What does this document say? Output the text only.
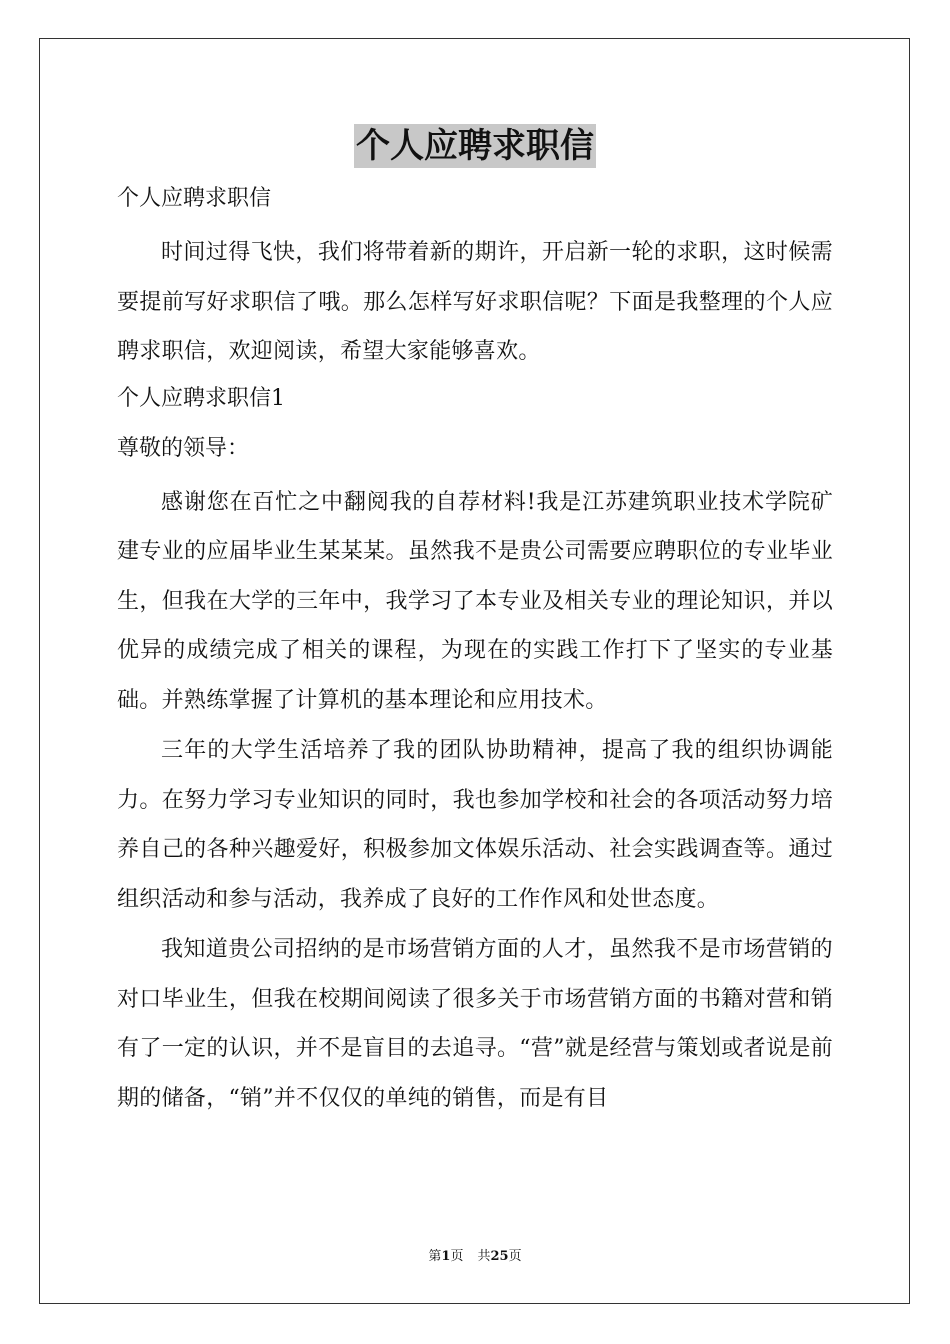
个人应聘求职信
个人应聘求职信

时间过得飞快，我们将带着新的期许，开启新一轮的求职，这时候需要提前写好求职信了哦。那么怎样写好求职信呢？下面是我整理的个人应聘求职信，欢迎阅读，希望大家能够喜欢。

个人应聘求职信1
尊敬的领导：

感谢您在百忙之中翻阅我的自荐材料!我是江苏建筑职业技术学院矿建专业的应届毕业生某某某。虽然我不是贵公司需要应聘职位的专业毕业生，但我在大学的三年中，我学习了本专业及相关专业的理论知识，并以优异的成绩完成了相关的课程，为现在的实践工作打下了坚实的专业基础。并熟练掌握了计算机的基本理论和应用技术。

三年的大学生活培养了我的团队协助精神，提高了我的组织协调能力。在努力学习专业知识的同时，我也参加学校和社会的各项活动努力培养自己的各种兴趣爱好，积极参加文体娱乐活动、社会实践调查等。通过组织活动和参与活动，我养成了良好的工作作风和处世态度。

我知道贵公司招纳的是市场营销方面的人才，虽然我不是市场营销的对口毕业生，但我在校期间阅读了很多关于市场营销方面的书籍对营和销有了一定的认识，并不是盲目的去追寻。“营”就是经营与策划或者说是前期的储备，“销”并不仅仅的单纯的销售，而是有目

第1页 共25页
